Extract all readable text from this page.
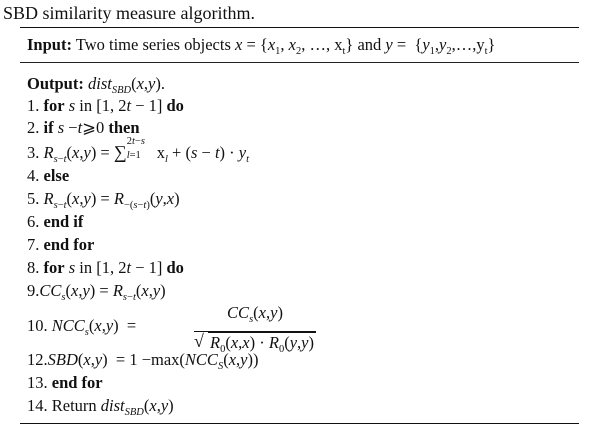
SBD similarity measure algorithm.
Input: Two time series objects $x = \{x_1$, $x_2$, …, $x_t$} and $y = \{y_1,y_2,\dots,y_t\}$
Output: dist$_{SBD}$(x,y).
1. for s in [1, 2t − 1] do
2. if s −t⩾0 then
3. $R_{s-t}(x,y)$ = ∑
2t−s
l=1 $x_l + (s - t) \cdot y_t$
4. else
5. $R_{s-t}(x,y) = R_{-(s-t)}(y,x)$
6. end if
7. end for
8. for s in [1, 2t − 1] do
$9.CC_s(x,y) = R_{s-t}(x,y)$
10. $NCC_s(x,y)$  =	$\frac{CC_s(x,y)}{√ R_0(x,x) \cdot R_0(y,y)}$
$12.SBD(x,y) = 1 -\max(NCC_S(x,y))$
13. end for
14. Return dist$_{SBD}$(x,y)
